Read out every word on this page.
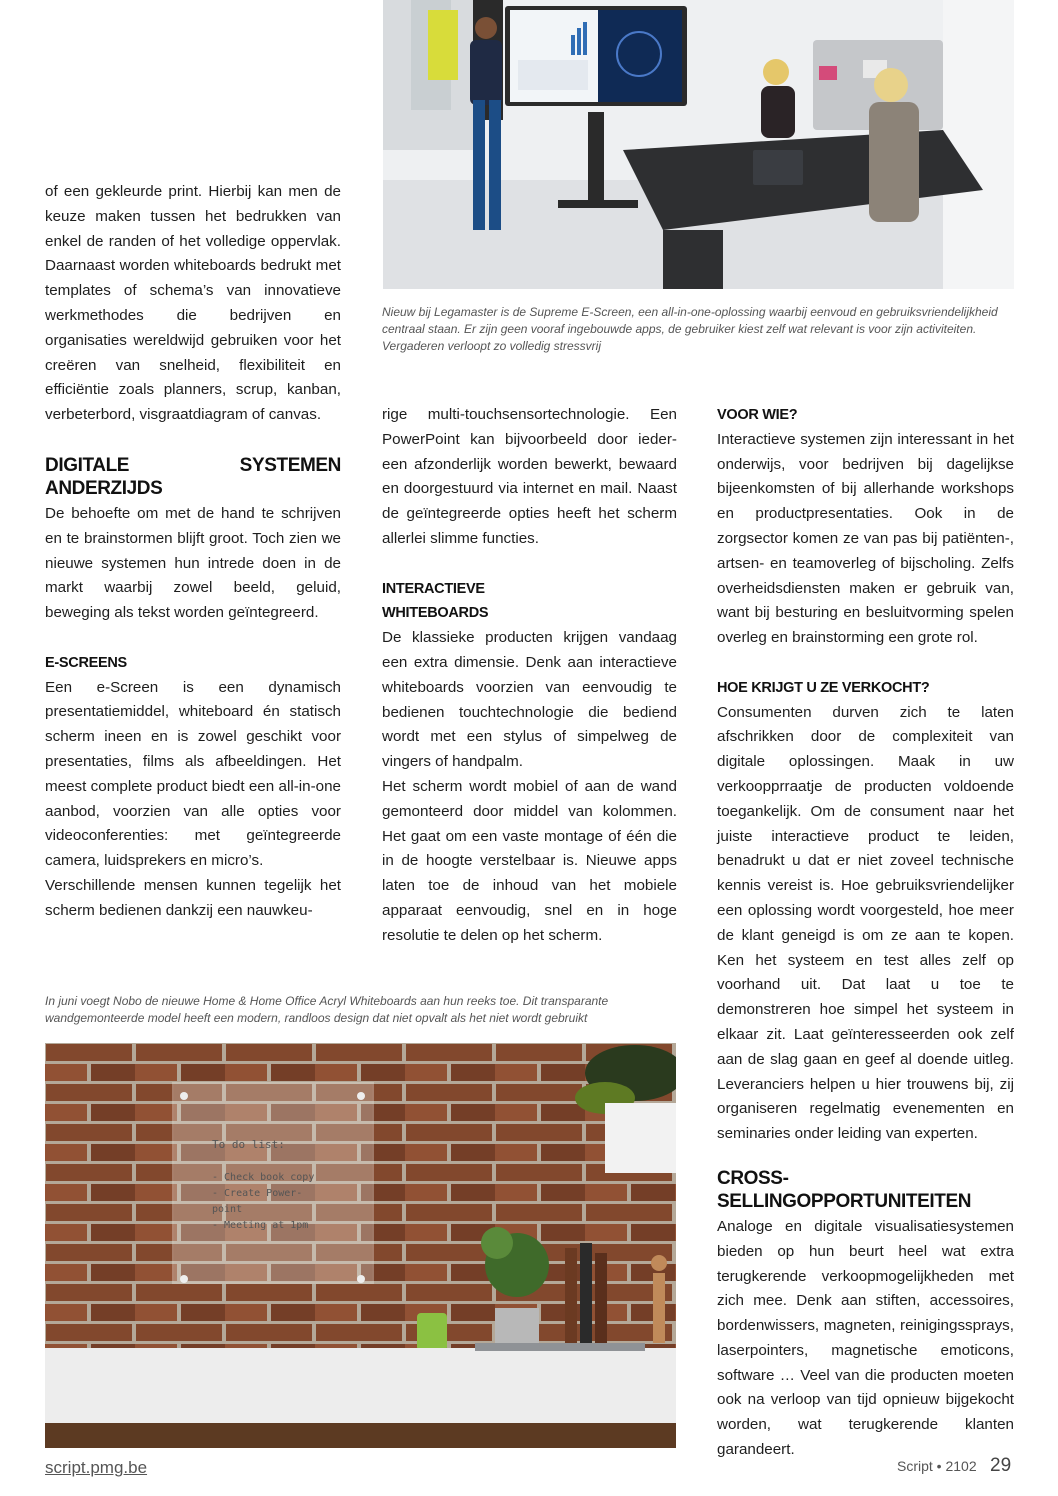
Nieuw bij Legamaster is de Supreme E-Screen, een all-in-one-oplossing waarbij eenvoud en gebruiksvriendelijkheid centraal staan. Er zijn geen vooraf ingebouwde apps, de gebruiker kiest zelf wat relevant is voor zijn activiteiten. Vergaderen verloopt zo volledig stressvrij

of een gekleurde print. Hierbij kan men de keuze maken tussen het bedrukken van enkel de randen of het volledige oppervlak. Daarnaast worden whiteboards bedrukt met templates of schema’s van innovatieve werkmethodes die bedrijven en organisaties wereldwijd gebruiken voor het creëren van snelheid, flexibiliteit en efficiëntie zoals planners, scrup, kanban, verbeterbord, visgraatdiagram of canvas.

DIGITALE SYSTEMEN ANDERZIJDS

De behoefte om met de hand te schrijven en te brainstormen blijft groot. Toch zien we nieuwe systemen hun intrede doen in de markt waarbij zowel beeld, geluid, beweging als tekst worden geïntegreerd.

E-SCREENS

Een e-Screen is een dynamisch presentatiemiddel, whiteboard én statisch scherm ineen en is zowel geschikt voor presentaties, films als afbeeldingen. Het meest complete product biedt een all-in-one aanbod, voorzien van alle opties voor videoconferenties: met geïntegreerde camera, luidsprekers en micro’s.

Verschillende mensen kunnen tegelijk het scherm bedienen dankzij een nauwkeu-

rige multi-touchsensortechnologie. Een PowerPoint kan bijvoorbeeld door ieder-een afzonderlijk worden bewerkt, bewaard en doorgestuurd via internet en mail. Naast de geïntegreerde opties heeft het scherm allerlei slimme functies.

INTERACTIEVE WHITEBOARDS

De klassieke producten krijgen vandaag een extra dimensie. Denk aan interactieve whiteboards voorzien van eenvoudig te bedienen touchtechnologie die bediend wordt met een stylus of simpelweg de vingers of handpalm.

Het scherm wordt mobiel of aan de wand gemonteerd door middel van kolommen. Het gaat om een vaste montage of één die in de hoogte verstelbaar is. Nieuwe apps laten toe de inhoud van het mobiele apparaat eenvoudig, snel en in hoge resolutie te delen op het scherm.

VOOR WIE?

Interactieve systemen zijn interessant in het onderwijs, voor bedrijven bij dagelijkse bijeenkomsten of bij allerhande workshops en productpresentaties. Ook in de zorgsector komen ze van pas bij patiënten-, artsen- en teamoverleg of bijscholing. Zelfs overheidsdiensten maken er gebruik van, want bij besturing en besluitvorming spelen overleg en brainstorming een grote rol.

HOE KRIJGT U ZE VERKOCHT?

Consumenten durven zich te laten afschrikken door de complexiteit van digitale oplossingen. Maak in uw verkoopprraatje de producten voldoende toegankelijk. Om de consument naar het juiste interactieve product te leiden, benadrukt u dat er niet zoveel technische kennis vereist is. Hoe gebruiksvriendelijker een oplossing wordt voorgesteld, hoe meer de klant geneigd is om ze aan te kopen. Ken het systeem en test alles zelf op voorhand uit. Dat laat u toe te demonstreren hoe simpel het systeem in elkaar zit. Laat geïnteresseerden ook zelf aan de slag gaan en geef al doende uitleg. Leveranciers helpen u hier trouwens bij, zij organiseren regelmatig evenementen en seminaries onder leiding van experten.

CROSS-SELLINGOPPORTUNITEITEN

Analoge en digitale visualisatiesystemen bieden op hun beurt heel wat extra terugkerende verkoopmogelijkheden met zich mee. Denk aan stiften, accessoires, bordenwissers, magneten, reinigingssprays, laserpointers, magnetische emoticons, software … Veel van die producten moeten ook na verloop van tijd opnieuw bijgekocht worden, wat terugkerende klanten garandeert.

In juni voegt Nobo de nieuwe Home & Home Office Acryl Whiteboards aan hun reeks toe. Dit transparante wandgemonteerde model heeft een modern, randloos design dat niet opvalt als het niet wordt gebruikt
To do list:
- Check book copy
- Create Power-
point
- Meeting at 1pm
script.pmg.be	Script • 2102 29
